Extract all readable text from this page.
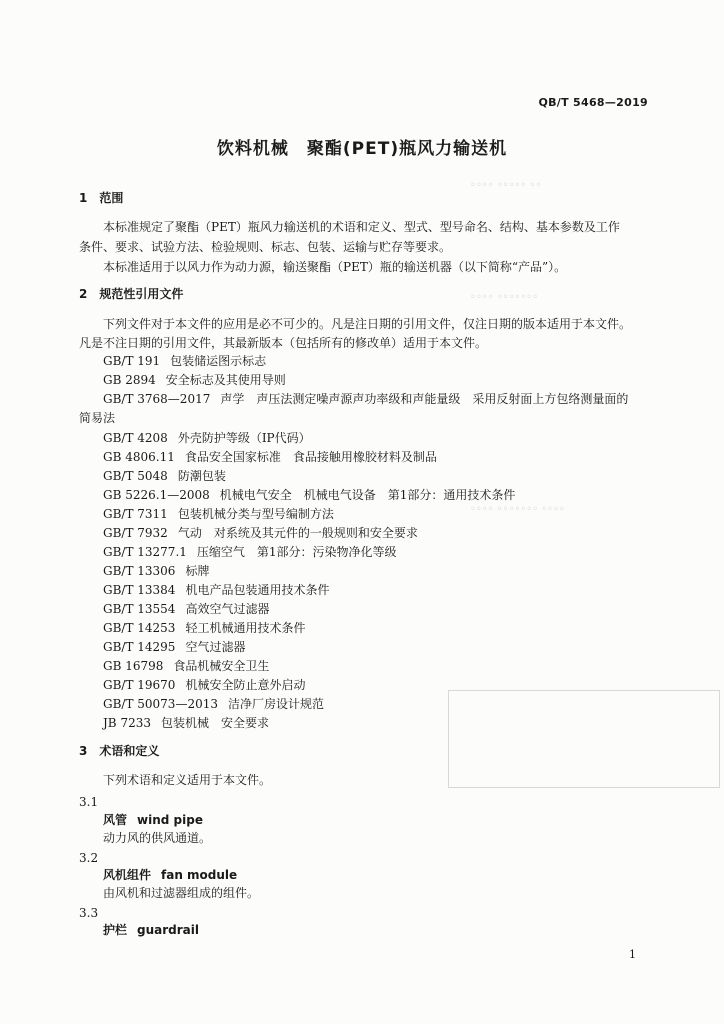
◦◦◦◦ ◦◦◦◦◦ ◦◦
◦◦◦◦ ◦◦◦◦◦◦◦
◦◦◦◦ ◦◦◦◦◦◦◦ ◦◦◦◦
QB/T 5468—2019
饮料机械　聚酯(PET)瓶风力输送机
1　范围
本标准规定了聚酯（PET）瓶风力输送机的术语和定义、型式、型号命名、结构、基本参数及工作
条件、要求、试验方法、检验规则、标志、包装、运输与贮存等要求。
本标准适用于以风力作为动力源，输送聚酯（PET）瓶的输送机器（以下简称“产品”）。
2　规范性引用文件
下列文件对于本文件的应用是必不可少的。凡是注日期的引用文件，仅注日期的版本适用于本文件。
凡是不注日期的引用文件，其最新版本（包括所有的修改单）适用于本文件。
GB/T 191 包装储运图示标志
GB 2894 安全标志及其使用导则
GB/T 3768—2017 声学　声压法测定噪声源声功率级和声能量级　采用反射面上方包络测量面的
简易法
GB/T 4208 外壳防护等级（IP代码）
GB 4806.11 食品安全国家标准　食品接触用橡胶材料及制品
GB/T 5048 防潮包装
GB 5226.1—2008 机械电气安全　机械电气设备　第1部分：通用技术条件
GB/T 7311 包装机械分类与型号编制方法
GB/T 7932 气动　对系统及其元件的一般规则和安全要求
GB/T 13277.1 压缩空气　第1部分：污染物净化等级
GB/T 13306 标牌
GB/T 13384 机电产品包装通用技术条件
GB/T 13554 高效空气过滤器
GB/T 14253 轻工机械通用技术条件
GB/T 14295 空气过滤器
GB 16798 食品机械安全卫生
GB/T 19670 机械安全防止意外启动
GB/T 50073—2013 洁净厂房设计规范
JB 7233 包装机械　安全要求
3　术语和定义
下列术语和定义适用于本文件。
3.1
风管 wind pipe
动力风的供风通道。
3.2
风机组件 fan module
由风机和过滤器组成的组件。
3.3
护栏 guardrail
1
